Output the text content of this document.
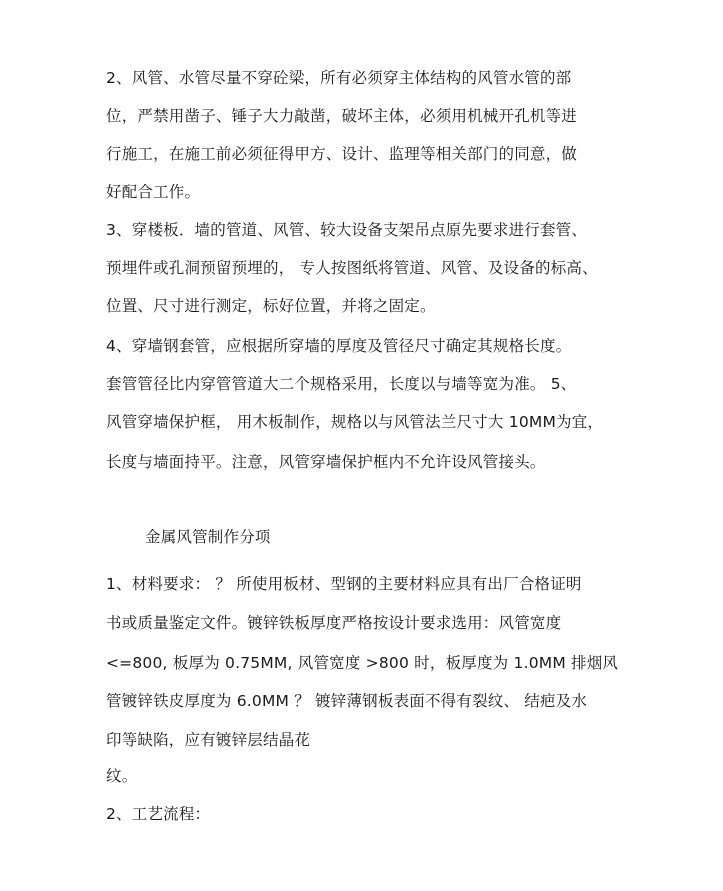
2、风管、水管尽量不穿砼梁，所有必须穿主体结构的风管水管的部
位，严禁用凿子、锤子大力敲凿，破坏主体，必须用机械开孔机等进
行施工，在施工前必须征得甲方、设计、监理等相关部门的同意，做
好配合工作。
3、穿楼板．墙的管道、风管、较大设备支架吊点原先要求进行套管、
预埋件或孔洞预留预埋的， 专人按图纸将管道、风管、及设备的标高、
位置、尺寸进行测定，标好位置，并将之固定。
4、穿墙钢套管，应根据所穿墙的厚度及管径尺寸确定其规格长度。
套管管径比内穿管管道大二个规格采用，长度以与墙等宽为准。 5、
风管穿墙保护框， 用木板制作，规格以与风管法兰尺寸大 10MM为宜，
长度与墙面持平。注意，风管穿墙保护框内不允许设风管接头。
金属风管制作分项
1、材料要求： ？ 所使用板材、型钢的主要材料应具有出厂合格证明
书或质量鉴定文件。镀锌铁板厚度严格按设计要求选用：风管宽度
<=800, 板厚为 0.75MM, 风管宽度 >800 时，板厚度为 1.0MM 排烟风
管镀锌铁皮厚度为 6.0MM ？ 镀锌薄钢板表面不得有裂纹、 结疤及水
印等缺陷，应有镀锌层结晶花
纹。
2、工艺流程：
